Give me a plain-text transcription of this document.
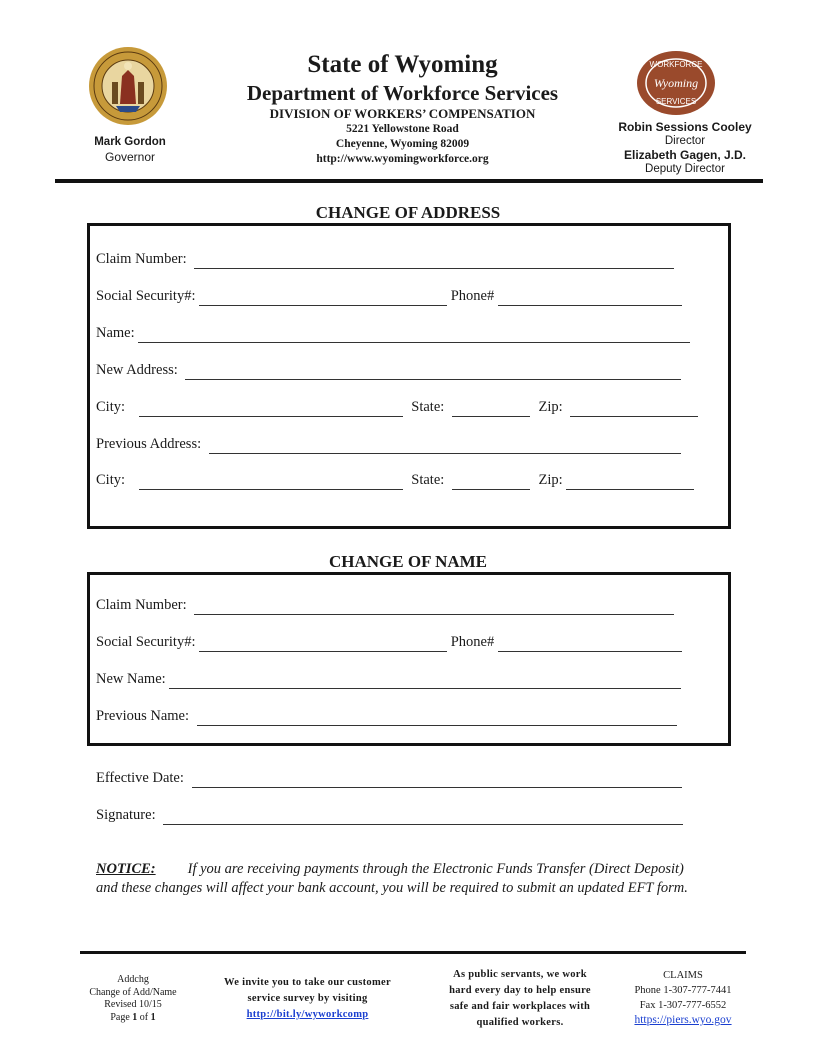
WORKFORCE
Wyoming
SERVICES
Mark Gordon
Governor
State of Wyoming
Department of Workforce Services
DIVISION OF WORKERS’ COMPENSATION
5221 Yellowstone Road
Cheyenne, Wyoming 82009
http://www.wyomingworkforce.org
Robin Sessions Cooley
Director
Elizabeth Gagen, J.D.
Deputy Director
CHANGE OF ADDRESS
Claim Number:
Social Security#:	Phone#
Name:
New Address:
City:	State:	Zip:
Previous Address:
City:	State:	Zip:
CHANGE OF NAME
Claim Number:
Social Security#:	Phone#
New Name:
Previous Name:
Effective Date:
Signature:
NOTICE: If you are receiving payments through the Electronic Funds Transfer (Direct Deposit) and these changes will affect your bank account, you will be required to submit an updated EFT form.
Addchg
Change of Add/Name
Revised 10/15
Page 1 of 1
We invite you to take our customer
service survey by visiting
http://bit.ly/wyworkcomp
As public servants, we work
hard every day to help ensure
safe and fair workplaces with
qualified workers.
CLAIMS
Phone 1-307-777-7441
Fax 1-307-777-6552
https://piers.wyo.gov
